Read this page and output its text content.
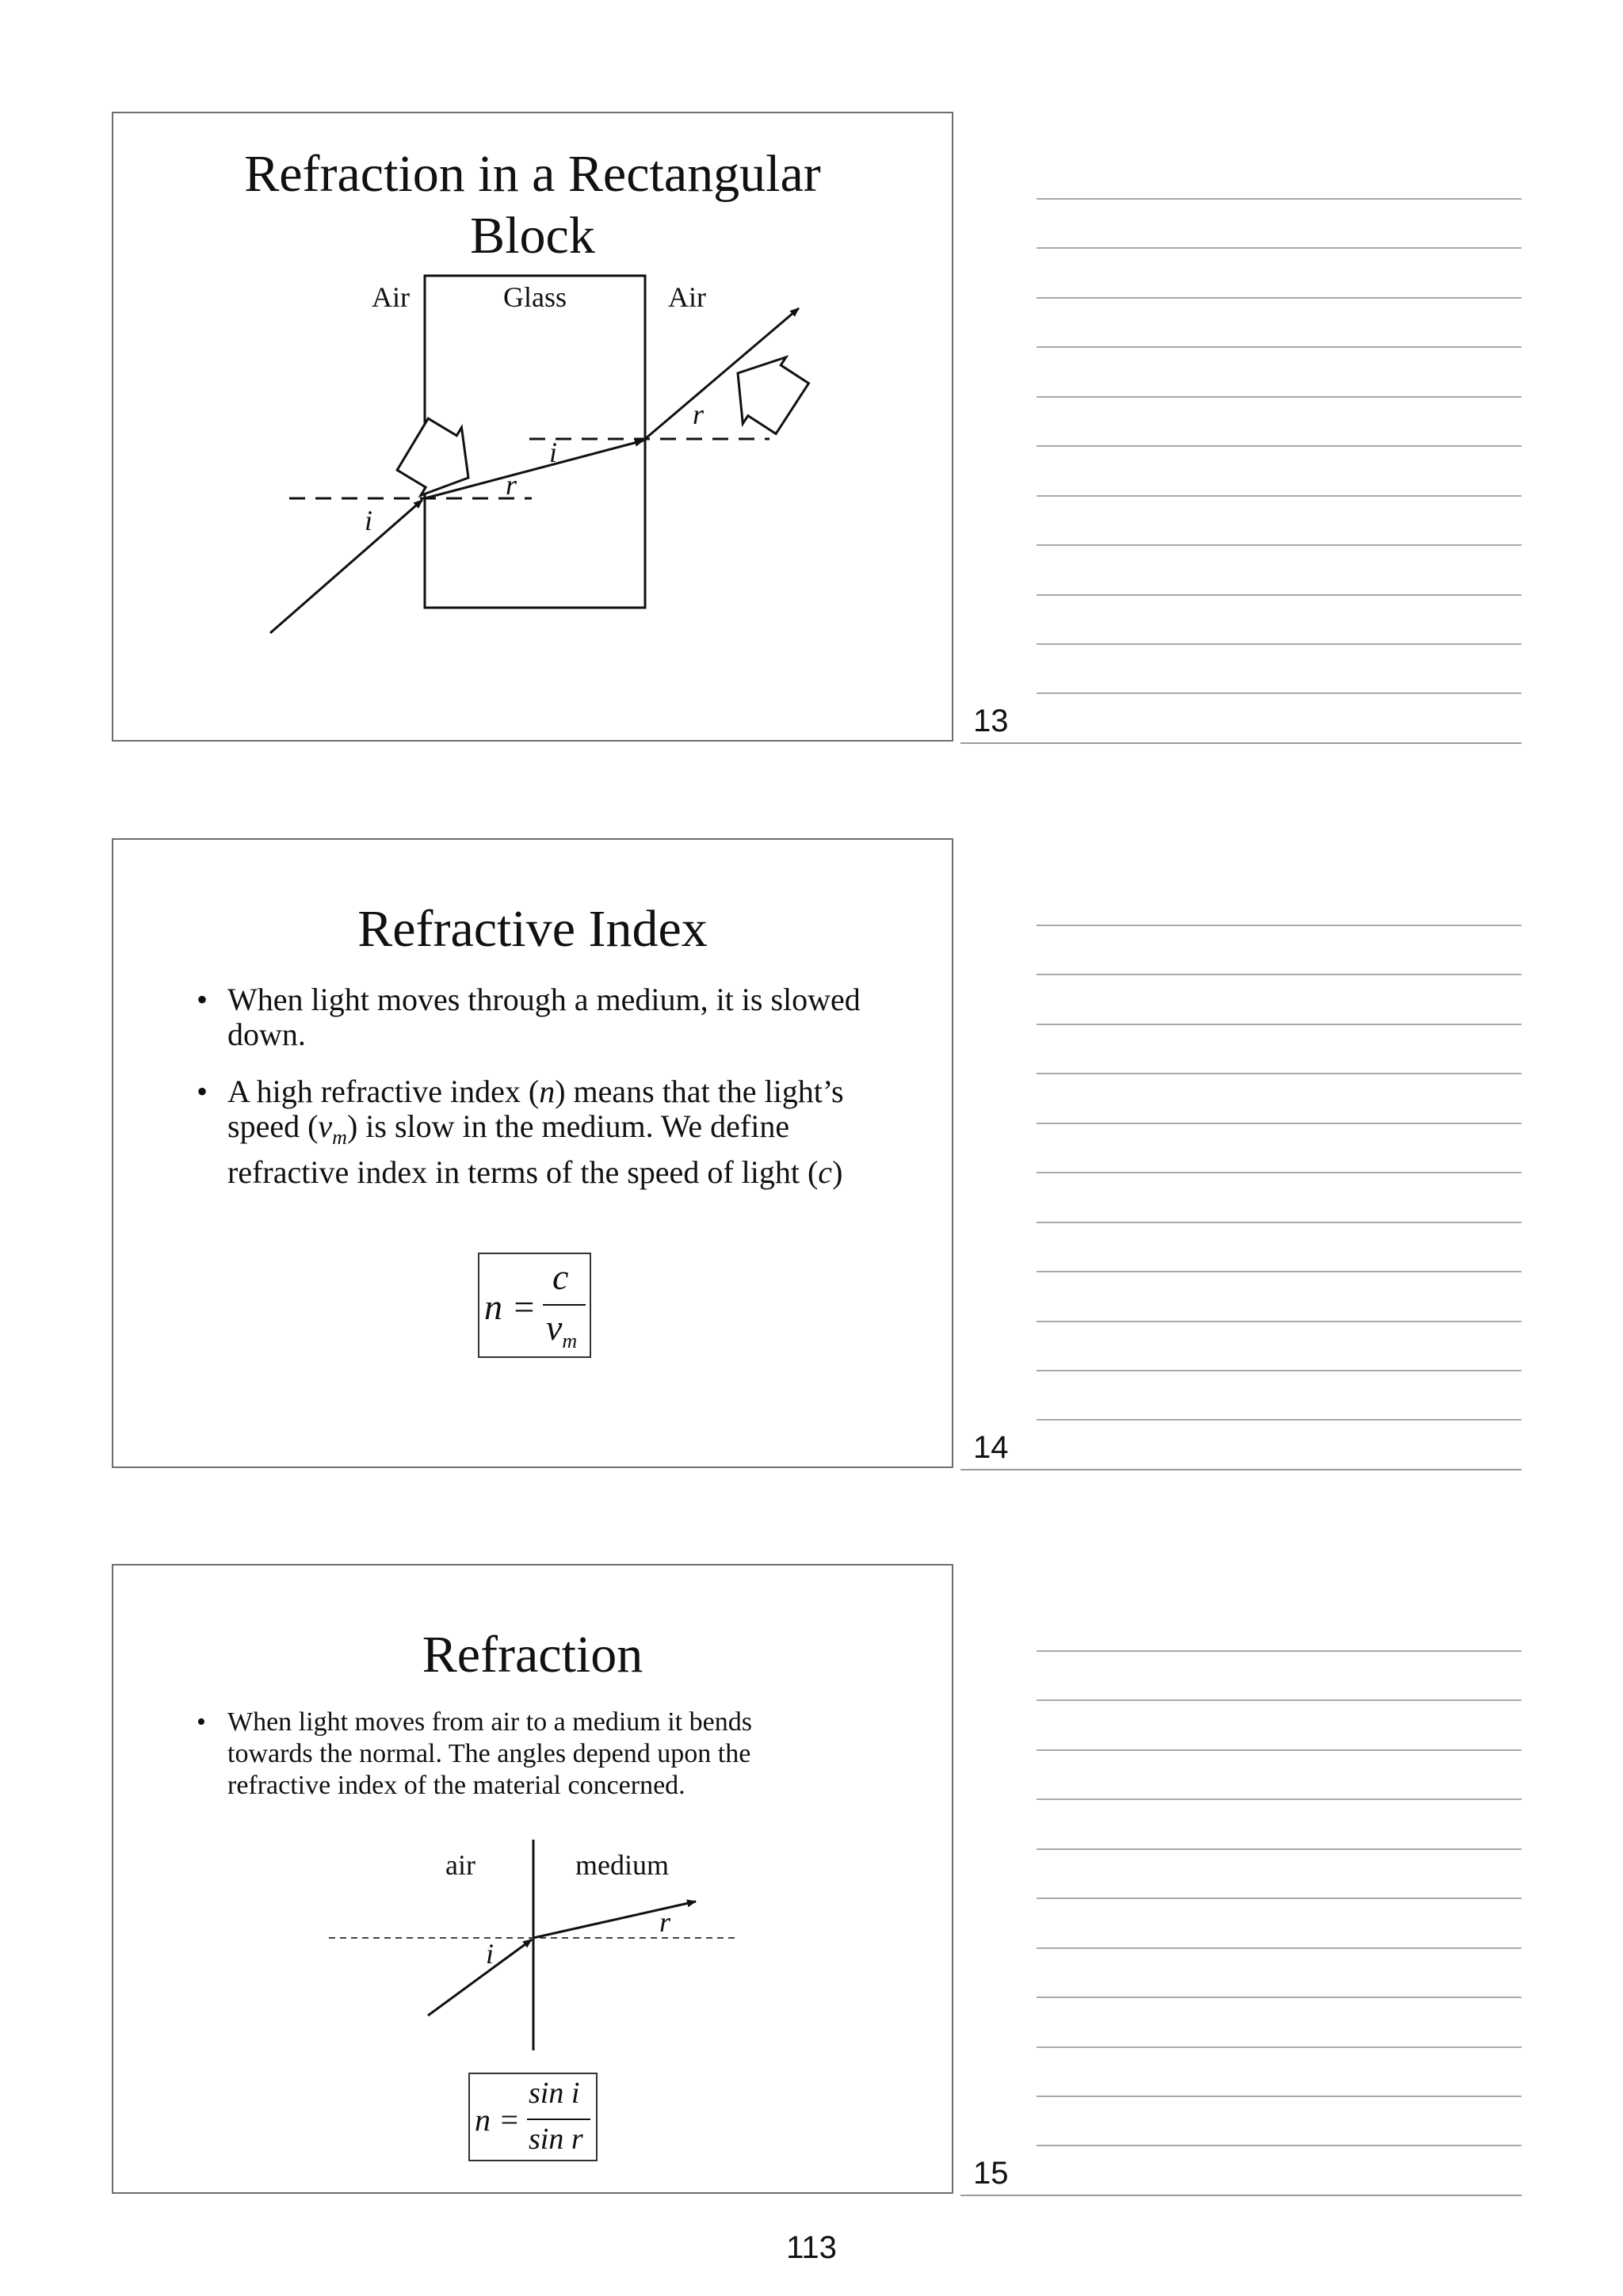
Refraction in a Rectangular
Block
Air	Glass	Air
i
r
i
r
13
Refractive Index
• When light moves through a medium, it is slowed down.
• A high refractive index (n) means that the light’s speed $(v_m)$ is slow in the medium. We define refractive index in terms of the speed of light (c)
n =
c
$v_m$
14
Refraction
• When light moves from air to a medium it bends towards the normal. The angles depend upon the refractive index of the material concerned.
air	medium
i
r
n =
sin i
sin r
15
113
